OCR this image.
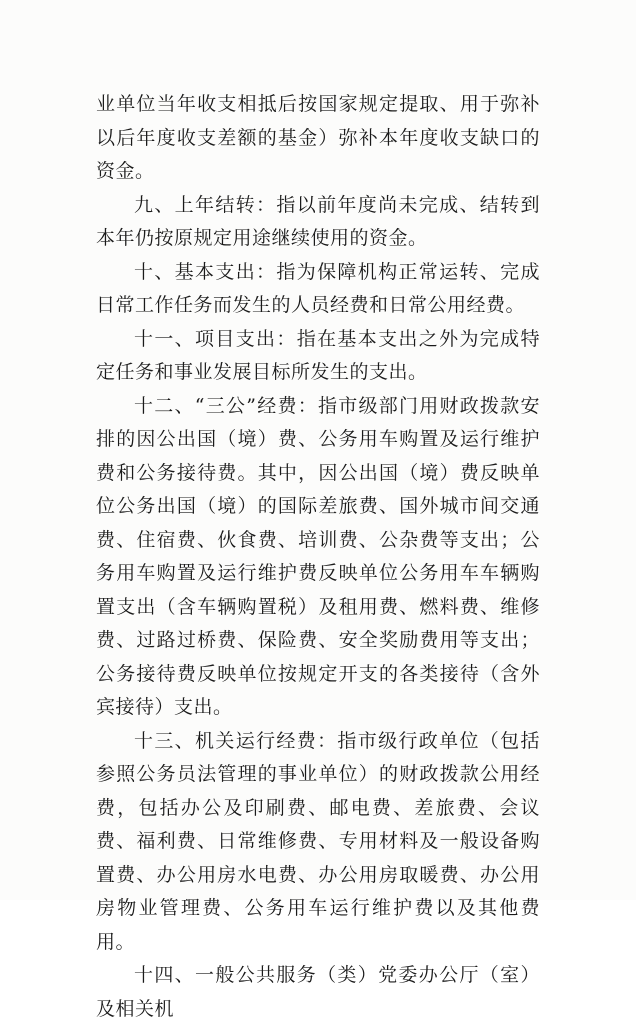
业单位当年收支相抵后按国家规定提取、用于弥补以后年度收支差额的基金）弥补本年度收支缺口的资金。

九、上年结转：指以前年度尚未完成、结转到本年仍按原规定用途继续使用的资金。

十、基本支出：指为保障机构正常运转、完成日常工作任务而发生的人员经费和日常公用经费。

十一、项目支出：指在基本支出之外为完成特定任务和事业发展目标所发生的支出。

十二、“三公”经费：指市级部门用财政拨款安排的因公出国（境）费、公务用车购置及运行维护费和公务接待费。其中，因公出国（境）费反映单位公务出国（境）的国际差旅费、国外城市间交通费、住宿费、伙食费、培训费、公杂费等支出；公务用车购置及运行维护费反映单位公务用车车辆购置支出（含车辆购置税）及租用费、燃料费、维修费、过路过桥费、保险费、安全奖励费用等支出；公务接待费反映单位按规定开支的各类接待（含外宾接待）支出。

十三、机关运行经费：指市级行政单位（包括参照公务员法管理的事业单位）的财政拨款公用经费，包括办公及印刷费、邮电费、差旅费、会议费、福利费、日常维修费、专用材料及一般设备购置费、办公用房水电费、办公用房取暖费、办公用房物业管理费、公务用车运行维护费以及其他费用。

十四、一般公共服务（类）党委办公厅（室）及相关机
